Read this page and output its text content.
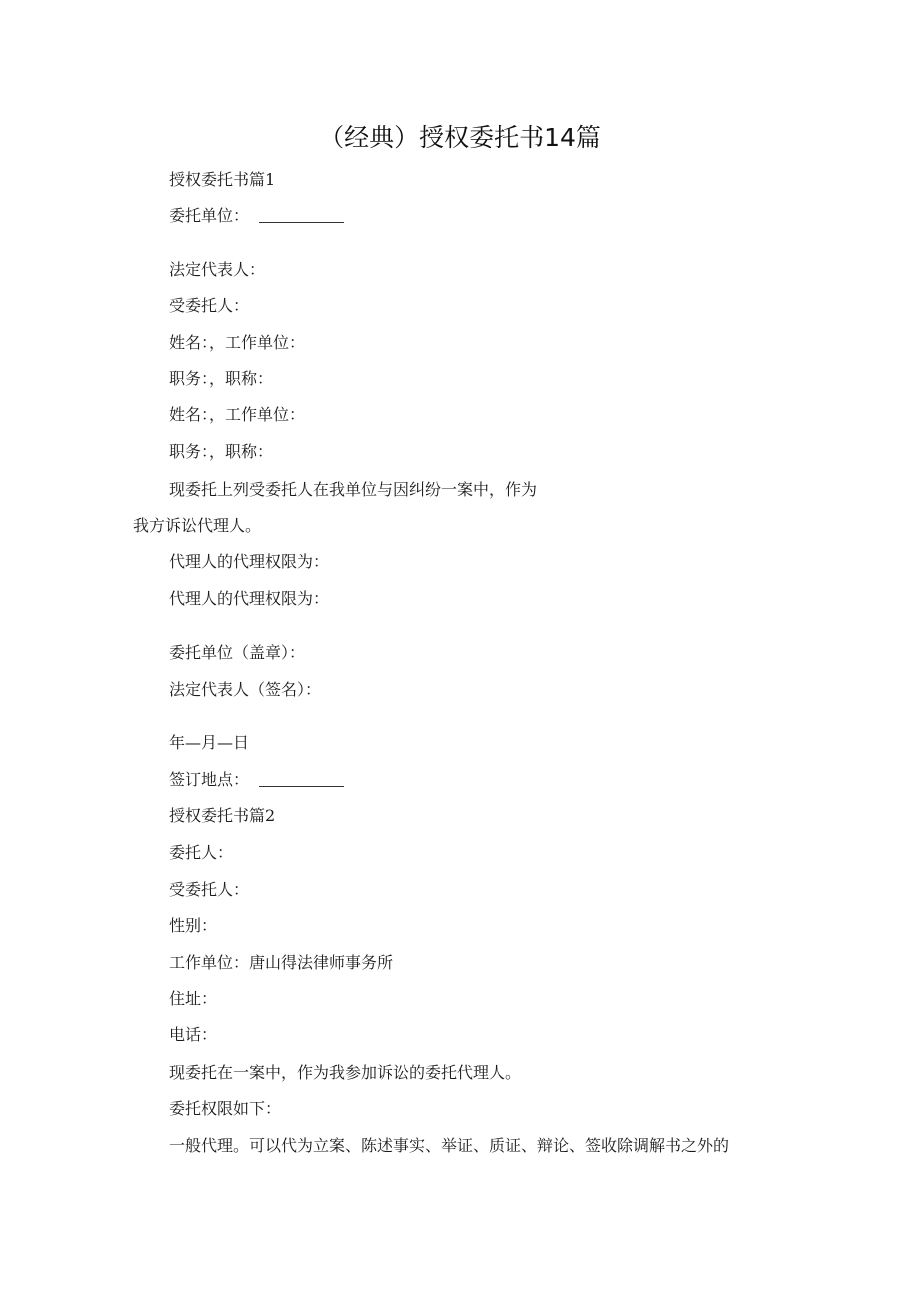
（经典）授权委托书14篇
授权委托书篇1
委托单位：
法定代表人：
受委托人：
姓名：，工作单位：
职务：，职称：
姓名：，工作单位：
职务：，职称：
现委托上列受委托人在我单位与因纠纷一案中，作为
我方诉讼代理人。
代理人的代理权限为：
代理人的代理权限为：
委托单位（盖章）：
法定代表人（签名）：
年—月—日
签订地点：
授权委托书篇2
委托人：
受委托人：
性别：
工作单位：唐山得法律师事务所
住址：
电话：
现委托在一案中，作为我参加诉讼的委托代理人。
委托权限如下：
一般代理。可以代为立案、陈述事实、举证、质证、辩论、签收除调解书之外的
